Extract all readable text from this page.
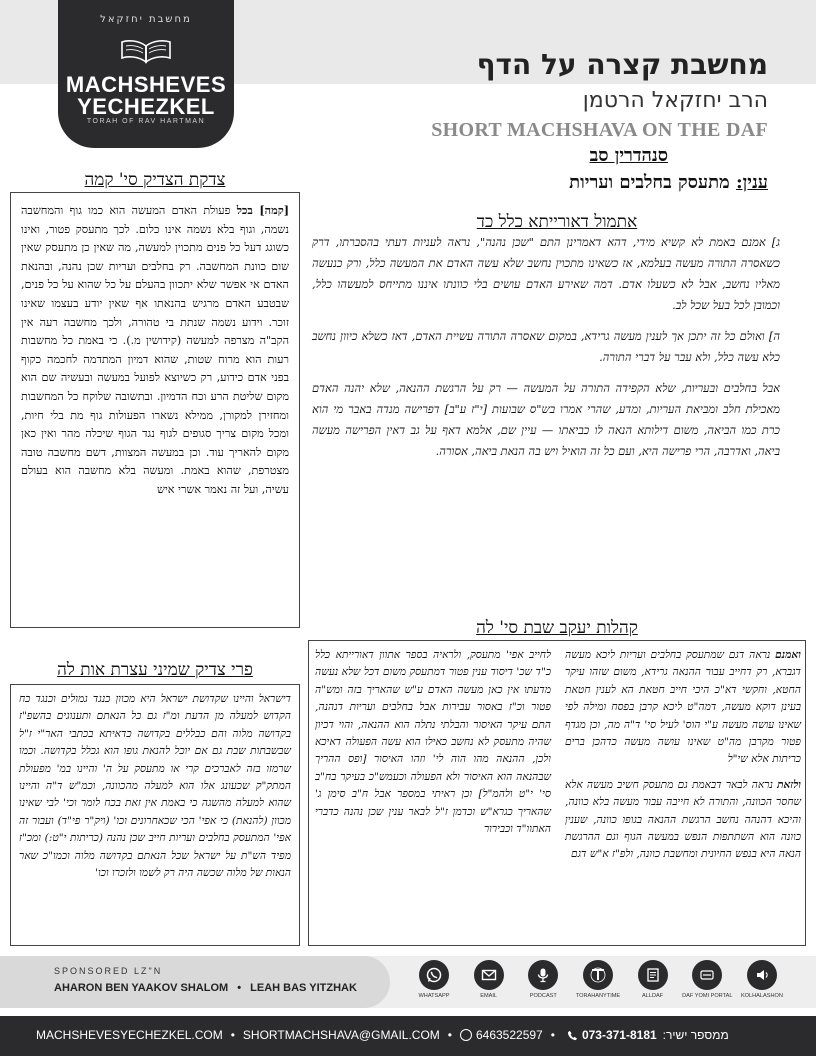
מחשבת יחזקאל
MACHSHEVES
YECHEZKEL
TORAH OF RAV HARTMAN
מחשבת קצרה על הדף
הרב יחזקאל הרטמן
SHORT MACHSHAVA ON THE DAF
סנהדרין סב
ענין: מתעסק בחלבים ועריות
צדקת הצדיק סי' קמה
[קמה] בכל פעולת האדם המעשה הוא כמו גוף והמחשבה נשמה, וגוף בלא נשמה אינו כלום. לכך מתעסק פטור, ואינו כשוגג דעל כל פנים מתכוין למעשה, מה שאין כן מתעסק שאין שום כוונת המחשבה. רק בחלבים ועריות שכן נהנה, ובהנאת האדם אי אפשר שלא יתכוון בהעלם על כל שהוא על כל פנים, שבטבע האדם מרגיש בהנאתו אף שאין יודע בעצמו שאינו זוכר. וידוע נשמה שנתת בי טהורה, ולכך מחשבה רעה אין הקב"ה מצרפה למעשה (קידושין מ.). כי באמת כל מחשבות רעות הוא מרוח שטות, שהוא דמיון המתדמה לחכמה כקוף בפני אדם כידוע, רק כשיוצא לפועל במעשה ובעשיה שם הוא מקום שליטת הרע וכח הדמיון. ובתשובה שלוקח כל המחשבות ומחזירן למקורן, ממילא נשארו הפעולות גוף מת בלי חיות, ומכל מקום צריך סגופים לגוף נגד הגוף שיכלה מהר ואין כאן מקום להאריך עוד. וכן במעשה המצוות, דשם מחשבה טובה מצטרפת, שהוא באמת. ומעשה בלא מחשבה הוא בעולם עשיה, ועל זה נאמר אשרי איש
אתמול דאורייתא כלל כד
ג] אמנם באמת לא קשיא מידי, דהא דאמרינן התם "שכן נהנה", נראה לעניות דעתי בהסברתו, דרק כשאסרה התורה מעשה בעלמא, אז כשאינו מתכוין נחשב שלא עשה האדם את המעשה כלל, ורק כנעשה מאליו נחשב, אבל לא כשעלו אדם. דמה שאירע האדם עושים בלי כוונתו איננו מתייחס למעשהו כלל, וכמובן לכל בעל שכל לב.
ה] ואולם כל זה יתכן אך לענין מעשה גרידא, במקום שאסרה התורה עשיית האדם, דאז כשלא כיוון נחשב כלא עשה כלל, ולא עבר על דברי התורה.
אבל בחלבים ובעריות, שלא הקפידה התורה על המעשה — רק על הרגשת ההנאה, שלא יהנה האדם מאכילת חלב ומביאת העריות, ומדע, שהרי אמרו בש"ס שבועות [י"ז ע"ב] דפרישה מנדה באבר מי הוא כרת כמו הביאה, משום דילותא הנאה לו כביאתו — עיין שם, אלמא דאף על גב דאין הפרישה מעשה ביאה, ואדרבה, הרי פרישה היא, ועם כל זה הואיל ויש בה הנאת ביאה, אסורה.
קהלות יעקב שבת סי' לה
ואמנם נראה דגם שמתעסק בחלבים ועריות ליכא מעשה דגברא, רק דחייב עבור ההנאה גרידא, משום שזהו עיקר החטא, וחקשי דא"כ היכי חייב חטאת הא לענין חטאת בעינן דוקא מעשה, דמה"ט ליכא קרבן בפסח ומילה לפי שאינו עושה מעשה ע"י הוס' לעיל סי' ד"ה מה, וכן מגדף פטור מקרבן מה"ט שאינו עושה מעשה כדהכן ברים כריתות אלא שי"ל
ולזאת נראה לבאר דבאמת גם מתעסק חשיב מעשה אלא שחסר הכוונה, והתורה לא חייבה עבור מעשה בלא כוונה, והיכא דהנהה נחשב הרגשת ההנאה בגופו כוונה, שענין כוונה הוא השתתפות הנפש במעשה הגוף וגם ההרגשת הנאה היא בנפש החיונית ומחשבת כוונה, ולפ"ז א"ש דגם
לחייב אפי' מתעסק, ולראיה בספר אתוון דאורייתא כלל כ"ד שכ' דיסוד ענין פטור דמתעסק משום דכל שלא נעשה מדעתו אין כאן מעשה האדם ע"ש שהאריך בזה ומש"ה פטור וכ"ז באסור עבירות אבל בחלבים ועריות דנהנה, התם עיקר האיסור והבלתי נתלה הוא ההנאה, והוי דכיון שהיה מתעסק לא נחשב כאילו הוא עשה הפעולה דאיכא ולכן, ההנאה מהו הוה לי' וזהו האיסור [ופס ההריך שבהנאה הוא האיסור ולא הפעולה וכעמש"כ בעיקר בח"ב סי' י"ט ולהמ"ל] וכן ראיתי במספר אבל ח"ב סימן ג' שהאריך כגרא"ש וכדמן ז"ל לבאר ענין שכן נהנה כדברי האתוו"ד וכבירור
פרי צדיק שמיני עצרת אות לה
דישראל והיינו שקדושת ישראל היא מכוון כנגד גמולים וכנגד כח הקדוש למעלה מן הדעת ומ"ז גם כל הנאתם ותענוגים בהשפ"ז בקדושה מלוה והם כבללים בקדושה כדאיתא בכתבי האר"י ז"ל שבשבתות שבת גם אם יוכל להנאת גופו הוא גכלל בקדושה. וכמו שרמזו בזה לאברכים קרי או מתעסק על ה' והיינו במ' מפעולת המתק"ק שכעונג אלו הוא למעלה מהכוונה, וכמ"ש ד"ה והיינו שהוא למעלה מהשגה כי באמת אין זאת בכח לומר וכי' לבי שאינו מכוון (להנאת) כי אפי' הכי שכאחרונים וכו' (ויק"ר פי"ד) ועבור זה אפי' המתעסק בחלבים ועריות חייב שכן נהנה (כריתות י"ט:) ומכ"ז מפיד הש"ת על ישראל שכל הנאתם בקדושה מלוה וכמו"כ שאר הנאות של מלוה שכשה היה רק לשמו ולזכרו וכו'
SPONSORED LZ"N
AHARON BEN YAAKOV SHALOM • LEAH BAS YITZHAK
WHATSAPP	EMAIL	PODCAST	TORAHANYTIME	ALLDAF	DAF YOMI PORTAL KOLHALASHON
MACHSHEVESYECHEZKEL.COM • SHORTMACHSHAVA@GMAIL.COM • 6463522597 • 073-371-8181 ממספר ישיר:
